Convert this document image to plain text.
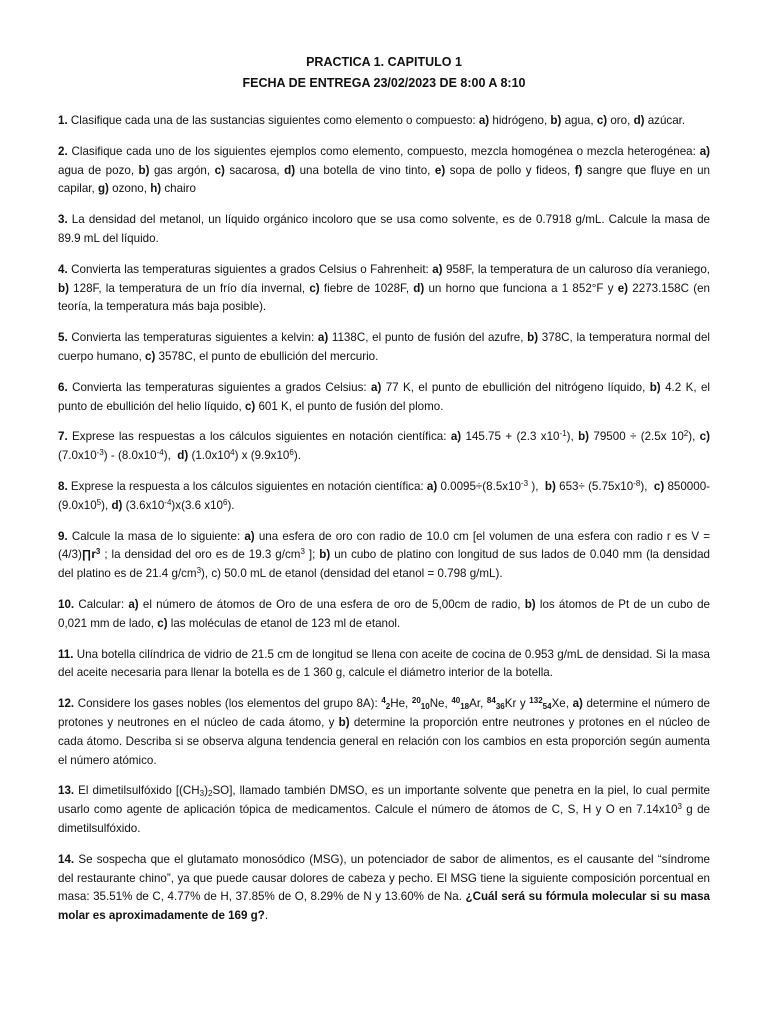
PRACTICA 1. CAPITULO 1
FECHA DE ENTREGA 23/02/2023 DE 8:00 A 8:10

1. Clasifique cada una de las sustancias siguientes como elemento o compuesto: a) hidrógeno, b) agua, c) oro, d) azúcar.

2. Clasifique cada uno de los siguientes ejemplos como elemento, compuesto, mezcla homogénea o mezcla heterogénea: a) agua de pozo, b) gas argón, c) sacarosa, d) una botella de vino tinto, e) sopa de pollo y fideos, f) sangre que fluye en un capilar, g) ozono, h) chairo

3. La densidad del metanol, un líquido orgánico incoloro que se usa como solvente, es de 0.7918 g/mL. Calcule la masa de 89.9 mL del líquido.

4. Convierta las temperaturas siguientes a grados Celsius o Fahrenheit: a) 958F, la temperatura de un caluroso día veraniego, b) 128F, la temperatura de un frío día invernal, c) fiebre de 1028F, d) un horno que funciona a 1 852°F y e) 2273.158C (en teoría, la temperatura más baja posible).

5. Convierta las temperaturas siguientes a kelvin: a) 1138C, el punto de fusión del azufre, b) 378C, la temperatura normal del cuerpo humano, c) 3578C, el punto de ebullición del mercurio.

6. Convierta las temperaturas siguientes a grados Celsius: a) 77 K, el punto de ebullición del nitrógeno líquido, b) 4.2 K, el punto de ebullición del helio líquido, c) 601 K, el punto de fusión del plomo.

7. Exprese las respuestas a los cálculos siguientes en notación científica: a) 145.75 + (2.3 $x10^{-1}$), b) 79500 ÷ (2.5x $10^2$), c) $(7.0x10^{-3}) - (8.0x10^{-4})$,  d) $(1.0x10^4)$ x $(9.9x10^6)$.

8. Exprese la respuesta a los cálculos siguientes en notación científica: a) $0.0095\div(8.5x10^{-3}$ ),  b) $653\div (5.75x10^{-8})$,  c) 850000- $(9.0x10^5)$, d) $(3.6x10^{-4})x(3.6$ $x10^6$).

9. Calcule la masa de lo siguiente: a) una esfera de oro con radio de 10.0 cm [el volumen de una esfera con radio r es $V = (4/3)\prod r^3$ ; la densidad del oro es de 19.3 $g/cm^3$ ]; b) un cubo de platino con longitud de sus lados de 0.040 mm (la densidad del platino es de 21.4 $g/cm^3$), c) 50.0 mL de etanol (densidad del etanol = 0.798 g/mL).

10. Calcular: a) el número de átomos de Oro de una esfera de oro de 5,00cm de radio, b) los átomos de Pt de un cubo de 0,021 mm de lado, c) las moléculas de etanol de 123 ml de etanol.

11. Una botella cilíndrica de vidrio de 21.5 cm de longitud se llena con aceite de cocina de 0.953 g/mL de densidad. Si la masa del aceite necesaria para llenar la botella es de 1 360 g, calcule el diámetro interior de la botella.

12. Considere los gases nobles (los elementos del grupo 8A): $^4_2$He, $^{20}_{10}$Ne, $^{40}_{18}$Ar, $^{84}_{36}$Kr y $^{132}_{54}$Xe, a) determine el número de protones y neutrones en el núcleo de cada átomo, y b) determine la proporción entre neutrones y protones en el núcleo de cada átomo. Describa si se observa alguna tendencia general en relación con los cambios en esta proporción según aumenta el número atómico.

13. El dimetilsulfóxido $[(CH_3)_2SO]$, llamado también DMSO, es un importante solvente que penetra en la piel, lo cual permite usarlo como agente de aplicación tópica de medicamentos. Calcule el número de átomos de C, S, H y O en $7.14x10^3$ g de dimetilsulfóxido.

14. Se sospecha que el glutamato monosódico (MSG), un potenciador de sabor de alimentos, es el causante del “síndrome del restaurante chino”, ya que puede causar dolores de cabeza y pecho. El MSG tiene la siguiente composición porcentual en masa: 35.51% de C, 4.77% de H, 37.85% de O, 8.29% de N y 13.60% de Na. ¿Cuál será su fórmula molecular si su masa molar es aproximadamente de 169 g?.
